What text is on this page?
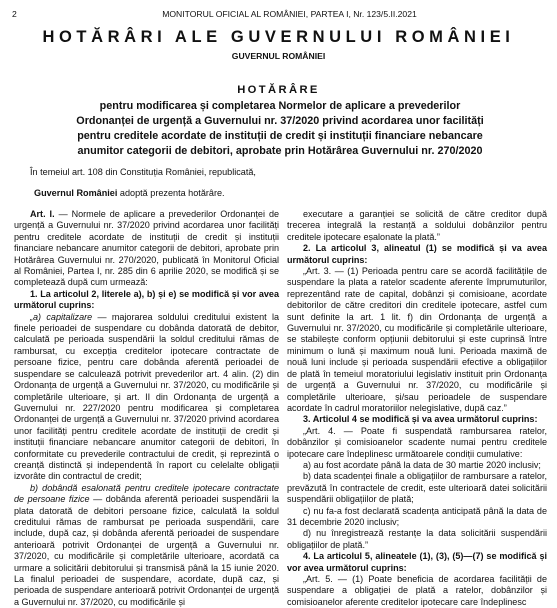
2	MONITORUL OFICIAL AL ROMÂNIEI, PARTEA I, Nr. 123/5.II.2021
HOTĂRÂRI ALE GUVERNULUI ROMÂNIEI
GUVERNUL ROMÂNIEI
HOTĂRÂRE
pentru modificarea și completarea Normelor de aplicare a prevederilor
Ordonanței de urgență a Guvernului nr. 37/2020 privind acordarea unor facilități
pentru creditele acordate de instituții de credit și instituții financiare nebancare
anumitor categorii de debitori, aprobate prin Hotărârea Guvernului nr. 270/2020
În temeiul art. 108 din Constituția României, republicată,
Guvernul României adoptă prezenta hotărâre.

Art. I. — Normele de aplicare a prevederilor Ordonanței de urgență a Guvernului nr. 37/2020 privind acordarea unor facilități pentru creditele acordate de instituții de credit și instituții financiare nebancare anumitor categorii de debitori, aprobate prin Hotărârea Guvernului nr. 270/2020, publicată în Monitorul Oficial al României, Partea I, nr. 285 din 6 aprilie 2020, se modifică și se completează după cum urmează:

1. La articolul 2, literele a), b) și e) se modifică și vor avea următorul cuprins:

„a) capitalizare — majorarea soldului creditului existent la finele perioadei de suspendare cu dobânda datorată de debitor, calculată pe perioada suspendării la soldul creditului rămas de rambursat, cu excepția creditelor ipotecare contractate de persoane fizice, pentru care dobânda aferentă perioadei de suspendare se calculează potrivit prevederilor art. 4 alin. (2) din Ordonanța de urgență a Guvernului nr. 37/2020, cu modificările și completările ulterioare, și art. II din Ordonanța de urgență a Guvernului nr. 227/2020 pentru modificarea și completarea Ordonanței de urgență a Guvernului nr. 37/2020 privind acordarea unor facilități pentru creditele acordate de instituții de credit și instituții financiare nebancare anumitor categorii de debitori, în conformitate cu prevederile contractului de credit, și reprezintă o creanță distinctă și independentă în raport cu celelalte obligații izvorâte din contractul de credit;

b) dobândă esalonată pentru creditele ipotecare contractate de persoane fizice — dobânda aferentă perioadei suspendării la plata datorată de debitori persoane fizice, calculată la soldul creditului rămas de rambursat pe perioada suspendării, care include, după caz, și dobânda aferentă perioadei de suspendare anterioară potrivit Ordonanței de urgență a Guvernului nr. 37/2020, cu modificările și completările ulterioare, acordată ca urmare a solicitării debitorului și transmisă până la 15 iunie 2020. La finalul perioadei de suspendare, acordate, după caz, și perioada de suspendare anterioară potrivit Ordonanței de urgență a Guvernului nr. 37/2020, cu modificările și

executare a garanției se solicită de către creditor după trecerea integrală la restanță a soldului dobânzilor pentru creditele ipotecare eșalonate la plată.”

2. La articolul 3, alineatul (1) se modifică și va avea următorul cuprins:

„Art. 3. — (1) Perioada pentru care se acordă facilitățile de suspendare la plata a ratelor scadente aferente împrumuturilor, reprezentând rate de capital, dobânzi și comisioane, acordate debitorilor de către creditori din creditele ipotecare, astfel cum sunt definite la art. 1 lit. f) din Ordonanța de urgență a Guvernului nr. 37/2020, cu modificările și completările ulterioare, se stabilește conform opțiunii debitorului și este cuprinsă între minimum o lună și maximum nouă luni. Perioada maximă de nouă luni include și perioada suspendării efective a obligațiilor de plată în temeiul moratoriului legislativ instituit prin Ordonanța de urgență a Guvernului nr. 37/2020, cu modificările și completările ulterioare, și/sau perioadele de suspendare acordate în cadrul moratoriilor nelegislative, după caz.”

3. Articolul 4 se modifică și va avea următorul cuprins:

„Art. 4. — Poate fi suspendată rambursarea ratelor, dobânzilor și comisioanelor scadente numai pentru creditele ipotecare care îndeplinesc următoarele condiții cumulative:

a) au fost acordate până la data de 30 martie 2020 inclusiv;

b) data scadenței finale a obligațiilor de rambursare a ratelor, prevăzută în contractele de credit, este ulterioară datei solicitării suspendării obligațiilor de plată;

c) nu fa-a fost declarată scadența anticipată până la data de 31 decembrie 2020 inclusiv;

d) nu înregistrează restanțe la data solicitării suspendării obligațiilor de plată.”

4. La articolul 5, alineatele (1), (3), (5)—(7) se modifică și vor avea următorul cuprins:

„Art. 5. — (1) Poate beneficia de acordarea facilității de suspendare a obligației de plată a ratelor, dobânzilor și comisioanelor aferente creditelor ipotecare care îndeplinesc
